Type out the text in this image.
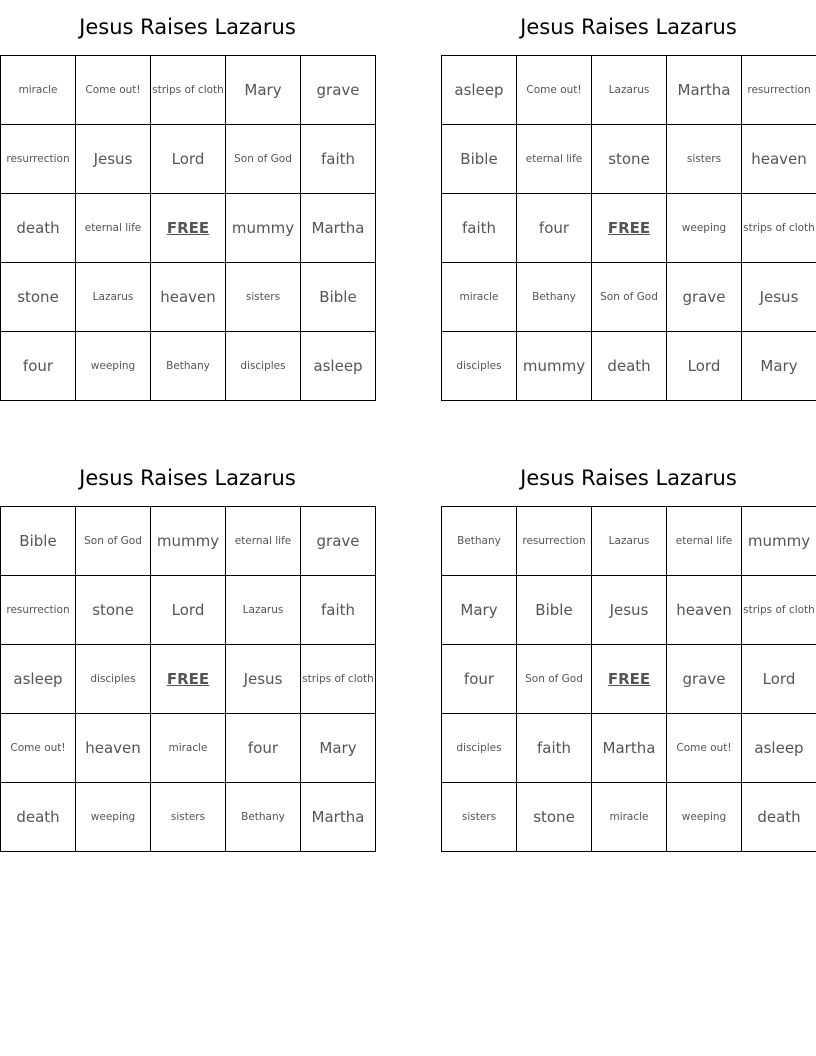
Jesus Raises Lazarus
miracle	Come out!	strips of cloth	Mary	grave
resurrection	Jesus	Lord	Son of God	faith
death	eternal life	FREE	mummy	Martha
stone	Lazarus	heaven	sisters	Bible
four	weeping	Bethany	disciples	asleep
Jesus Raises Lazarus
asleep	Come out!	Lazarus	Martha	resurrection
Bible	eternal life	stone	sisters	heaven
faith	four	FREE	weeping	strips of cloth
miracle	Bethany	Son of God	grave	Jesus
disciples	mummy	death	Lord	Mary
Jesus Raises Lazarus
Bible	Son of God	mummy	eternal life	grave
resurrection	stone	Lord	Lazarus	faith
asleep	disciples	FREE	Jesus	strips of cloth
Come out!	heaven	miracle	four	Mary
death	weeping	sisters	Bethany	Martha
Jesus Raises Lazarus
Bethany	resurrection	Lazarus	eternal life	mummy
Mary	Bible	Jesus	heaven	strips of cloth
four	Son of God	FREE	grave	Lord
disciples	faith	Martha	Come out!	asleep
sisters	stone	miracle	weeping	death
